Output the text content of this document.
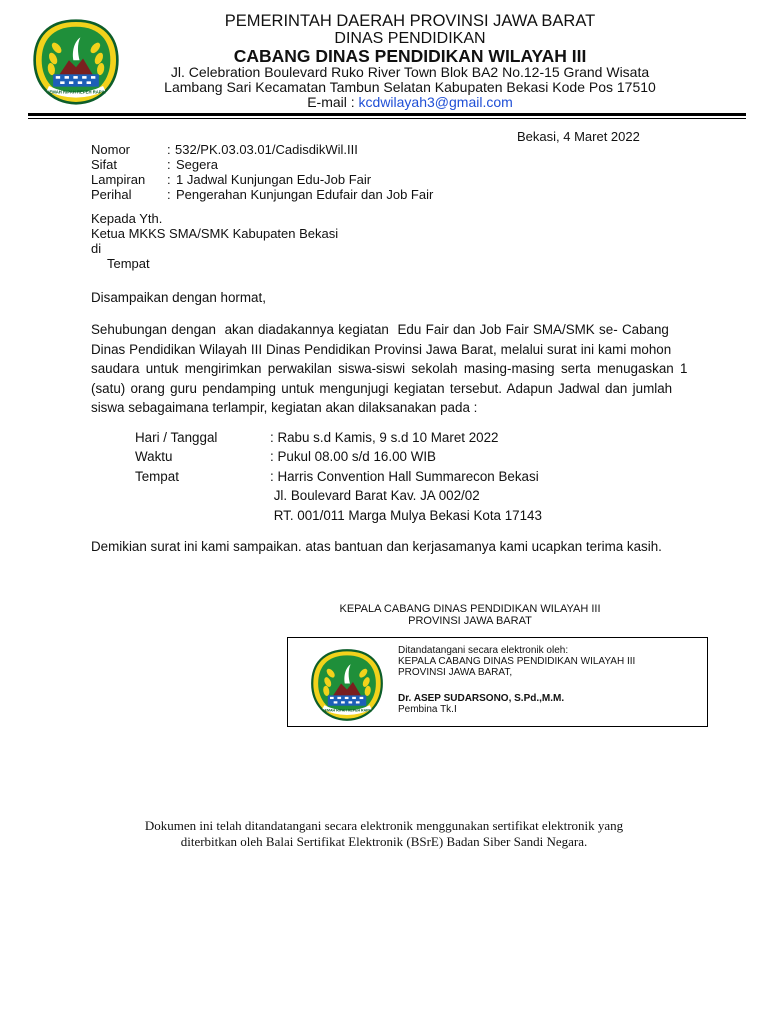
GEMAH RIPAH REPEH RAPIH
PEMERINTAH DAERAH PROVINSI JAWA BARAT
DINAS PENDIDIKAN
CABANG DINAS PENDIDIKAN WILAYAH III
Jl. Celebration Boulevard Ruko River Town Blok BA2 No.12-15 Grand Wisata
Lambang Sari Kecamatan Tambun Selatan Kabupaten Bekasi Kode Pos 17510
E-mail : kcdwilayah3@gmail.com
Bekasi, 4 Maret 2022
Nomor	: 532/PK.03.03.01/CadisdikWil.III
Sifat	: Segera
Lampiran : 1 Jadwal Kunjungan Edu-Job Fair
Perihal	: Pengerahan Kunjungan Edufair dan Job Fair
Kepada Yth.
Ketua MKKS SMA/SMK Kabupaten Bekasi
di
Tempat
Disampaikan dengan hormat,
Sehubungan dengan  akan diadakannya kegiatan  Edu Fair dan Job Fair SMA/SMK se- Cabang
Dinas Pendidikan Wilayah III Dinas Pendidikan Provinsi Jawa Barat, melalui surat ini kami mohon
saudara untuk mengirimkan perwakilan siswa-siswi sekolah masing-masing serta menugaskan 1
(satu) orang guru pendamping untuk mengunjugi kegiatan tersebut. Adapun Jadwal dan jumlah
siswa sebagaimana terlampir, kegiatan akan dilaksanakan pada :
Hari / Tanggal	: Rabu s.d Kamis, 9 s.d 10 Maret 2022
Waktu	: Pukul 08.00 s/d 16.00 WIB
Tempat	: Harris Convention Hall Summarecon Bekasi
Jl. Boulevard Barat Kav. JA 002/02
RT. 001/011 Marga Mulya Bekasi Kota 17143
Demikian surat ini kami sampaikan. atas bantuan dan kerjasamanya kami ucapkan terima kasih.
KEPALA CABANG DINAS PENDIDIKAN WILAYAH III
PROVINSI JAWA BARAT
GEMAH RIPAH REPEH RAPIH
Ditandatangani secara elektronik oleh:
KEPALA CABANG DINAS PENDIDIKAN WILAYAH III
PROVINSI JAWA BARAT,
Dr. ASEP SUDARSONO, S.Pd.,M.M.
Pembina Tk.I
Dokumen ini telah ditandatangani secara elektronik menggunakan sertifikat elektronik yang
diterbitkan oleh Balai Sertifikat Elektronik (BSrE) Badan Siber Sandi Negara.
